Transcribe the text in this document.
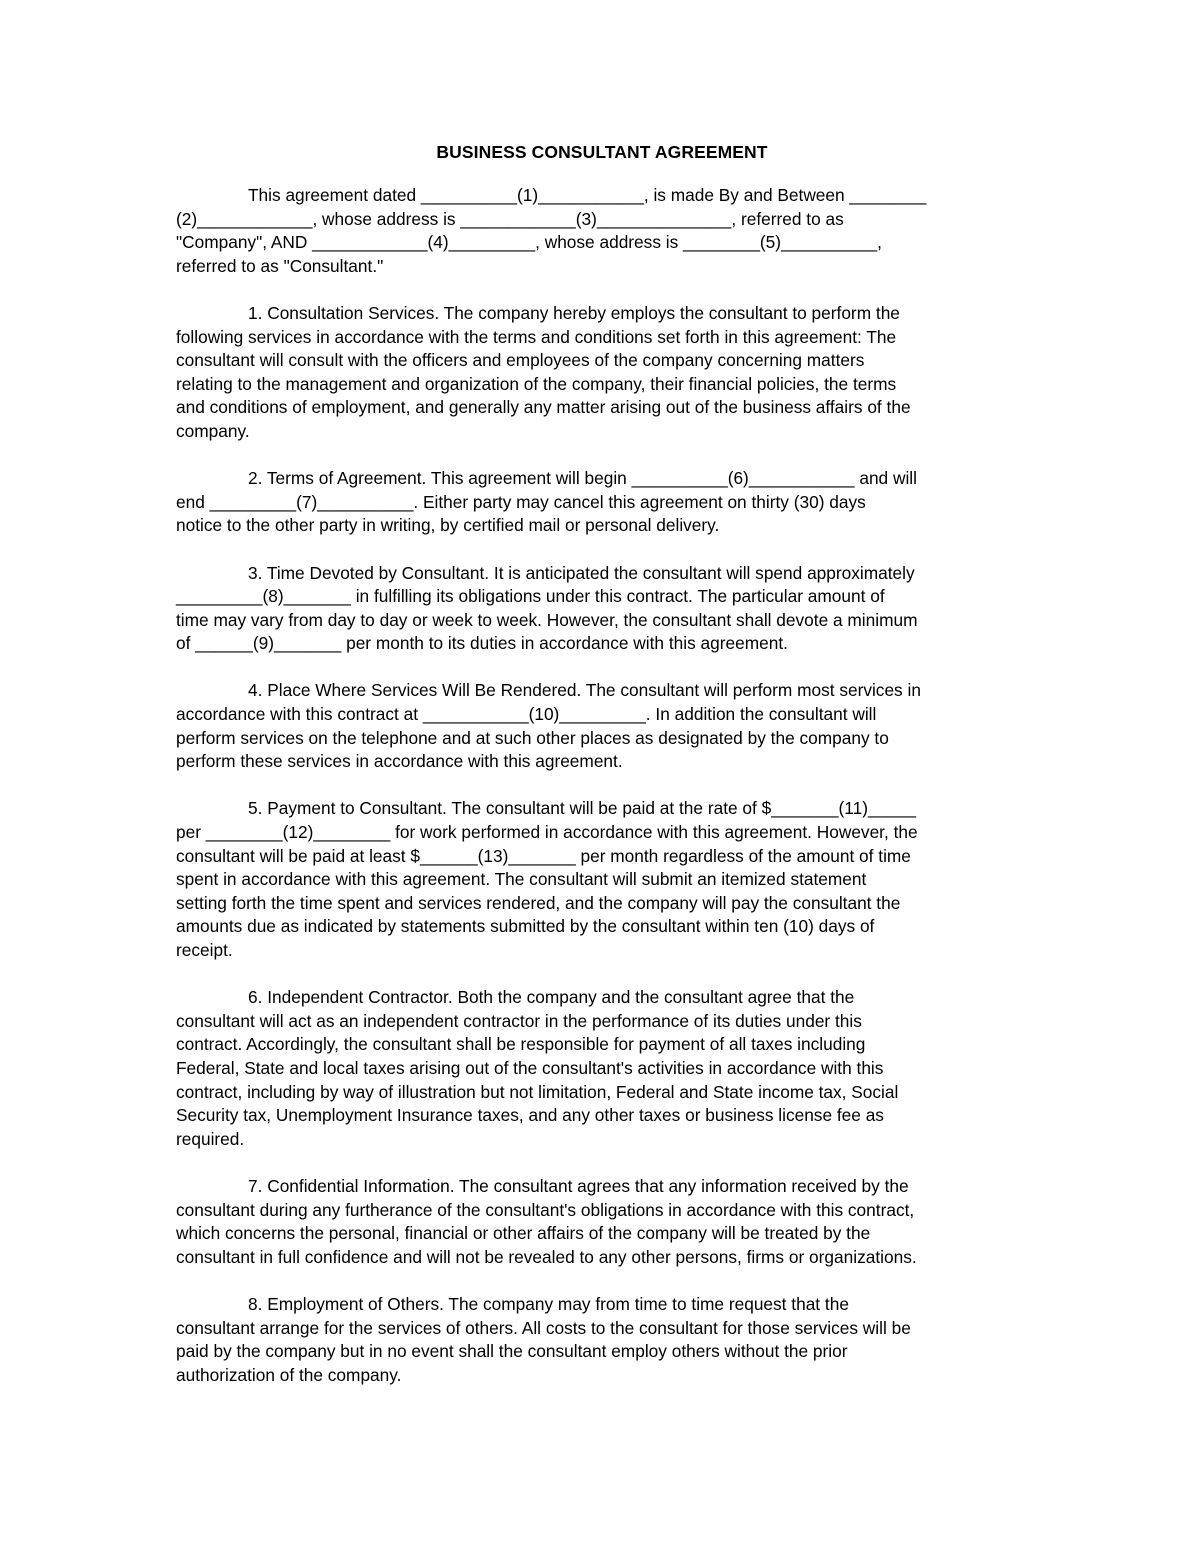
BUSINESS CONSULTANT AGREEMENT
This agreement dated __________(1)___________, is made By and Between ________
(2)____________, whose address is ____________(3)______________, referred to as
"Company", AND ____________(4)_________, whose address is ________(5)__________,
referred to as "Consultant."
1. Consultation Services. The company hereby employs the consultant to perform the
following services in accordance with the terms and conditions set forth in this agreement: The
consultant will consult with the officers and employees of the company concerning matters
relating to the management and organization of the company, their financial policies, the terms
and conditions of employment, and generally any matter arising out of the business affairs of the
company.
2. Terms of Agreement. This agreement will begin __________(6)___________ and will
end _________(7)__________. Either party may cancel this agreement on thirty (30) days
notice to the other party in writing, by certified mail or personal delivery.
3. Time Devoted by Consultant. It is anticipated the consultant will spend approximately
_________(8)_______ in fulfilling its obligations under this contract. The particular amount of
time may vary from day to day or week to week. However, the consultant shall devote a minimum
of ______(9)_______ per month to its duties in accordance with this agreement.
4. Place Where Services Will Be Rendered. The consultant will perform most services in
accordance with this contract at ___________(10)_________. In addition the consultant will
perform services on the telephone and at such other places as designated by the company to
perform these services in accordance with this agreement.
5. Payment to Consultant. The consultant will be paid at the rate of $_______(11)_____
per ________(12)________ for work performed in accordance with this agreement. However, the
consultant will be paid at least $______(13)_______ per month regardless of the amount of time
spent in accordance with this agreement. The consultant will submit an itemized statement
setting forth the time spent and services rendered, and the company will pay the consultant the
amounts due as indicated by statements submitted by the consultant within ten (10) days of
receipt.
6. Independent Contractor. Both the company and the consultant agree that the
consultant will act as an independent contractor in the performance of its duties under this
contract. Accordingly, the consultant shall be responsible for payment of all taxes including
Federal, State and local taxes arising out of the consultant's activities in accordance with this
contract, including by way of illustration but not limitation, Federal and State income tax, Social
Security tax, Unemployment Insurance taxes, and any other taxes or business license fee as
required.
7. Confidential Information. The consultant agrees that any information received by the
consultant during any furtherance of the consultant's obligations in accordance with this contract,
which concerns the personal, financial or other affairs of the company will be treated by the
consultant in full confidence and will not be revealed to any other persons, firms or organizations.
8. Employment of Others. The company may from time to time request that the
consultant arrange for the services of others. All costs to the consultant for those services will be
paid by the company but in no event shall the consultant employ others without the prior
authorization of the company.
